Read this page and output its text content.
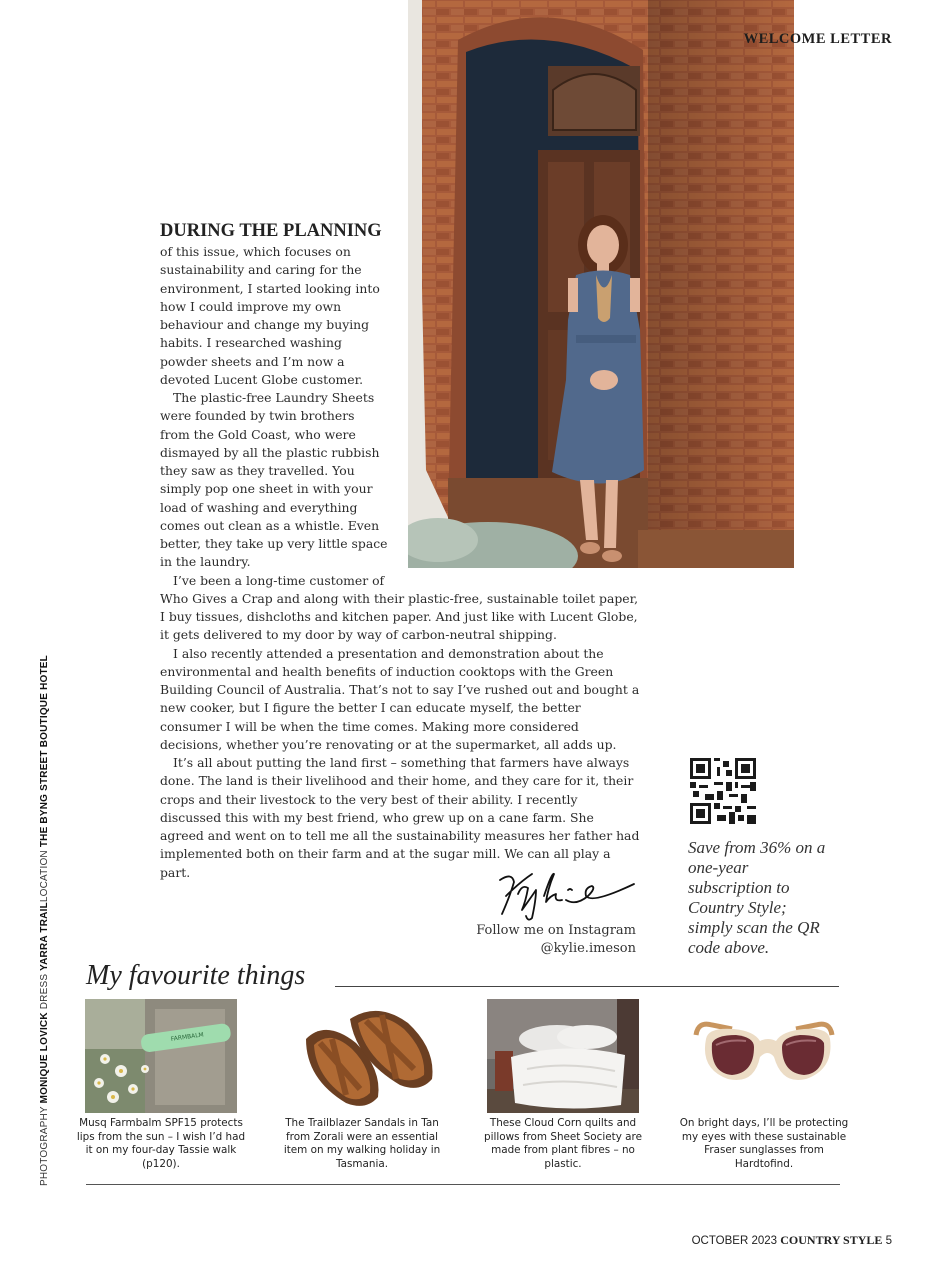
WELCOME LETTER
DURING THE PLANNING

of this issue, which focuses on sustainability and caring for the environment, I started looking into how I could improve my own behaviour and change my buying habits. I researched washing powder sheets and I’m now a devoted Lucent Globe customer.

The plastic-free Laundry Sheets were founded by twin brothers from the Gold Coast, who were dismayed by all the plastic rubbish they saw as they travelled. You simply pop one sheet in with your load of washing and everything comes out clean as a whistle. Even better, they take up very little space in the laundry.

I’ve been a long-time customer of Who Gives a Crap and along with their plastic-free, sustainable toilet paper, I buy tissues, dishcloths and kitchen paper. And just like with Lucent Globe, it gets delivered to my door by way of carbon-neutral shipping.

I also recently attended a presentation and demonstration about the environmental and health benefits of induction cooktops with the Green Building Council of Australia. That’s not to say I’ve rushed out and bought a new cooker, but I figure the better I can educate myself, the better consumer I will be when the time comes. Making more considered decisions, whether you’re renovating or at the supermarket, all adds up.

It’s all about putting the land first – something that farmers have always done. The land is their livelihood and their home, and they care for it, their crops and their livestock to the very best of their ability. I recently discussed this with my best friend, who grew up on a cane farm. She agreed and went on to tell me all the sustainability measures her father had implemented both on their farm and at the sugar mill. We can all play a part.

Follow me on Instagram
@kylie.imeson
Save from 36% on a one-year subscription to Country Style; simply scan the QR code above.
PHOTOGRAPHY MONIQUE LOVICK DRESS YARRA TRAILLOCATION THE BYNG STREET BOUTIQUE HOTEL
My favourite things
FARMBALM
Musq Farmbalm SPF15 protects lips from the sun – I wish I’d had it on my four-day Tassie walk (p120).
The Trailblazer Sandals in Tan from Zorali were an essential item on my walking holiday in Tasmania.
These Cloud Corn quilts and pillows from Sheet Society are made from plant fibres – no plastic.
On bright days, I’ll be protecting my eyes with these sustainable Fraser sunglasses from Hardtofind.
OCTOBER 2023 COUNTRY STYLE 5
